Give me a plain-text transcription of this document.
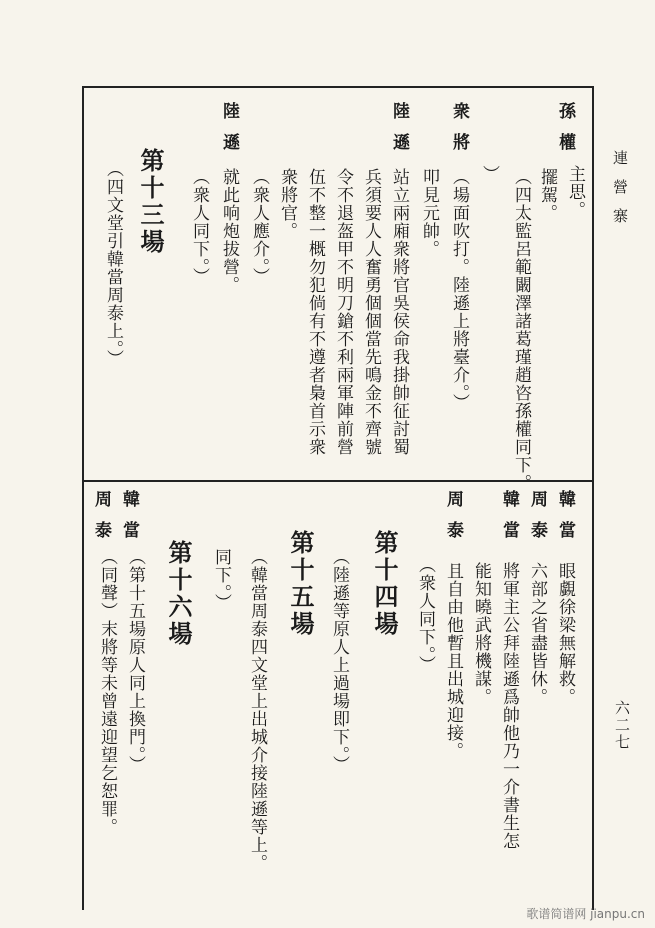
連營寨
六二七
孫權
主思。
擺駕。
（四太監呂範闞澤諸葛瑾趙咨孫權同下。
）
衆將
（場面吹打。陸遜上將臺介。）
叩見元帥。
陸遜
站立兩廂衆將官吳侯命我掛帥征討蜀
兵須要人人奮勇個個當先鳴金不齊號
令不退盔甲不明刀鎗不利兩軍陣前營
伍不整一概勿犯倘有不遵者梟首示衆
衆將官。
（衆人應介。）
陸遜
就此响炮拔營。
（衆人同下。）
第十三場
（四文堂引韓當周泰上。）
韓當
眼覷徐梁無解救。
周泰
六部之省盡皆休。
韓當
將軍主公拜陸遜爲帥他乃一介書生怎
能知曉武將機謀。
周泰
且自由他暫且出城迎接。
（衆人同下。）
第十四場
（陸遜等原人上過場即下。）
第十五場
（韓當周泰四文堂上出城介接陸遜等上。
同下。）
第十六場
（第十五場原人同上換門。）
（同聲）末將等未曾遠迎望乞恕罪。
韓當
周泰
歌谱简谱网 jianpu.cn
